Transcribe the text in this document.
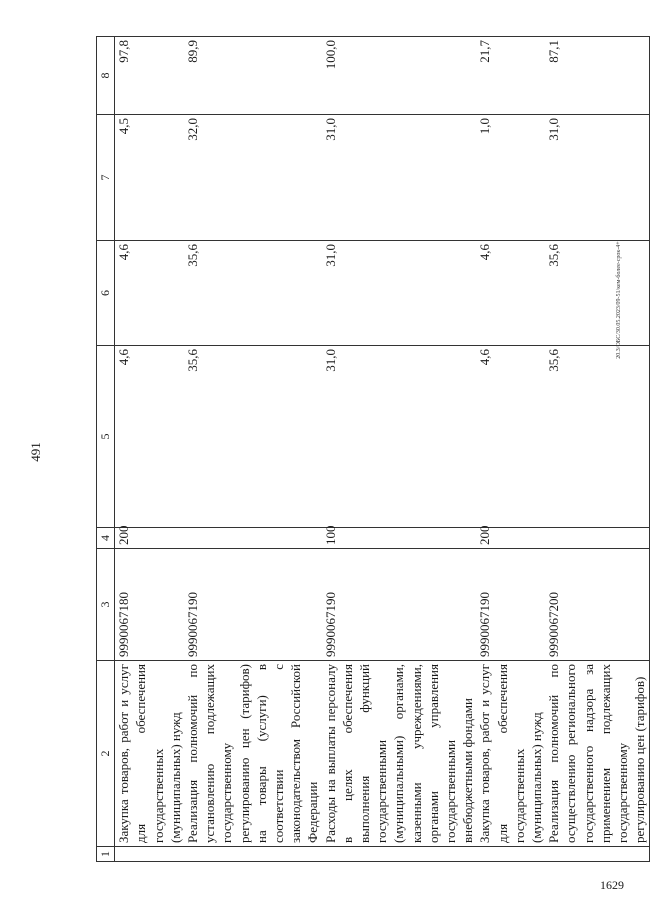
491
1	2	3	4	5	6	7	8
	Закупка товаров, работ и услуг для обеспечения государственных (муниципальных) нужд	9990067180	200	4,6	4,6	4,5	97,8
	Реализация полномочий по установлению подлежащих государственному регулированию цен (тарифов) на товары (услуги) в соответствии с законодательством Российской Федерации	9990067190		35,6	35,6	32,0	89,9
	Расходы на выплаты персоналу в целях обеспечения выполнения функций государственными (муниципальными) органами, казенными учреждениями, органами управления государственными внебюджетными фондами	9990067190	100	31,0	31,0	31,0	100,0
	Закупка товаров, работ и услуг для обеспечения государственных (муниципальных) нужд	9990067190	200	4,6	4,6	1,0	21,7
	Реализация полномочий по осуществлению регионального государственного надзора за применением подлежащих государственному регулированию цен (тарифов)	9990067200		35,6	35,6	31,0	87,1
20.3/ОБС/30.05.2023/09-51/кем-более-срок-4+
1629
